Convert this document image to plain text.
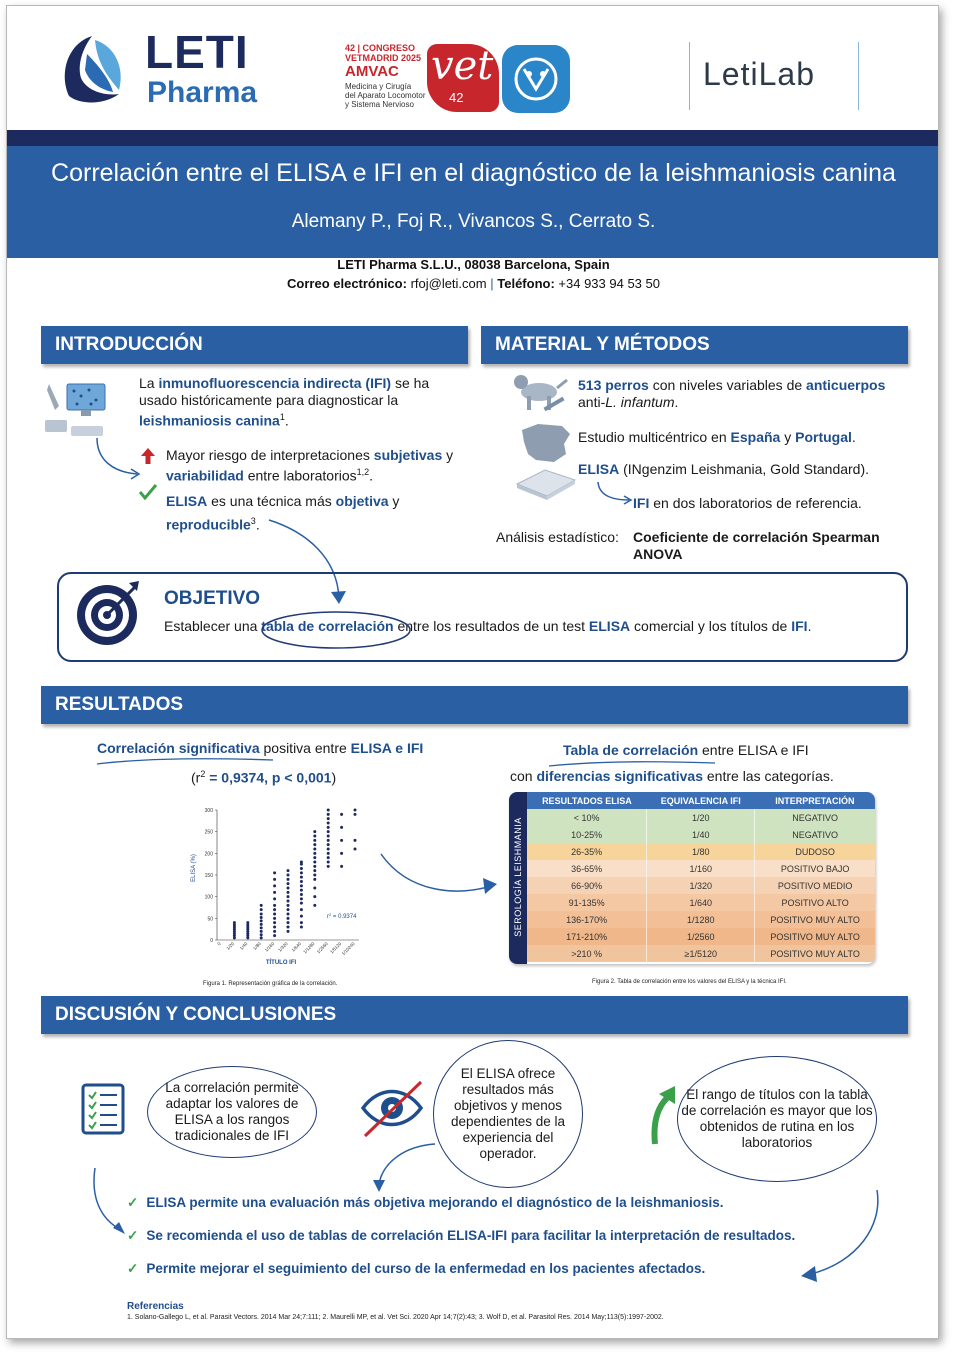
LETI
Pharma
42 | CONGRESO
VETMADRID 2025
AMVAC
Medicina y Cirugía
del Aparato Locomotor
y Sistema Nervioso
vet
42
LetiLab
Correlación entre el ELISA e IFI en el diagnóstico de la leishmaniosis canina
Alemany P., Foj R., Vivancos S., Cerrato S.
LETI Pharma S.L.U., 08038 Barcelona, Spain
Correo electrónico: rfoj@leti.com | Teléfono: +34 933 94 53 50
INTRODUCCIÓN
La inmunofluorescencia indirecta (IFI) se ha usado históricamente para diagnosticar la leishmaniosis canina$^1$.
Mayor riesgo de interpretaciones subjetivas y variabilidad entre laboratorios$^{1,2}$.
ELISA es una técnica más objetiva y reproducible$^3$.
MATERIAL Y MÉTODOS
513 perros con niveles variables de anticuerpos
anti-L. infantum.
Estudio multicéntrico en España y Portugal.
ELISA (INgenzim Leishmania, Gold Standard).
IFI en dos laboratorios de referencia.
Análisis estadístico: Coeficiente de correlación Spearman
ANOVA
OBJETIVO
Establecer una tabla de correlación entre los resultados de un test ELISA comercial y los títulos de IFI.
RESULTADOS
Correlación significativa positiva entre ELISA e IFI
($r^2 = 0,9374$, p < 0,001)
ELISA (%)
TÍTULO IFI
$r^2 = 0.9374$
0
50
100
150
200
250
300
0 1/20 1/40 1/80 1/160 1/320 1/640 1/1280 1/2560 1/5120
1/10240
Figura 1. Representación gráfica de la correlación.
Tabla de correlación entre ELISA e IFI
con diferencias significativas entre las categorías.
SEROLOGÍA LEISHMANIA
RESULTADOS ELISA	EQUIVALENCIA IFI	INTERPRETACIÓN
< 10%	1/20	NEGATIVO
10-25%	1/40	NEGATIVO
26-35%	1/80	DUDOSO
36-65%	1/160	POSITIVO BAJO
66-90%	1/320	POSITIVO MEDIO
91-135%	1/640	POSITIVO ALTO
136-170%	1/1280	POSITIVO MUY ALTO
171-210%	1/2560	POSITIVO MUY ALTO
>210 %	≥1/5120	POSITIVO MUY ALTO
Figura 2. Tabla de correlación entre los valores del ELISA y la técnica IFI.
DISCUSIÓN Y CONCLUSIONES
La correlación permite adaptar los valores de ELISA a los rangos tradicionales de IFI
El ELISA ofrece resultados más objetivos y menos dependientes de la experiencia del operador.
El rango de títulos con la tabla de correlación es mayor que los obtenidos de rutina en los laboratorios
✓ ELISA permite una evaluación más objetiva mejorando el diagnóstico de la leishmaniosis.
✓ Se recomienda el uso de tablas de correlación ELISA-IFI para facilitar la interpretación de resultados.
✓ Permite mejorar el seguimiento del curso de la enfermedad en los pacientes afectados.
Referencias
1. Solano-Gallego L, et al. Parasit Vectors. 2014 Mar 24;7:111; 2. Maurelli MP, et al. Vet Sci. 2020 Apr 14;7(2):43; 3. Wolf D, et al. Parasitol Res. 2014 May;113(5):1997-2002.
